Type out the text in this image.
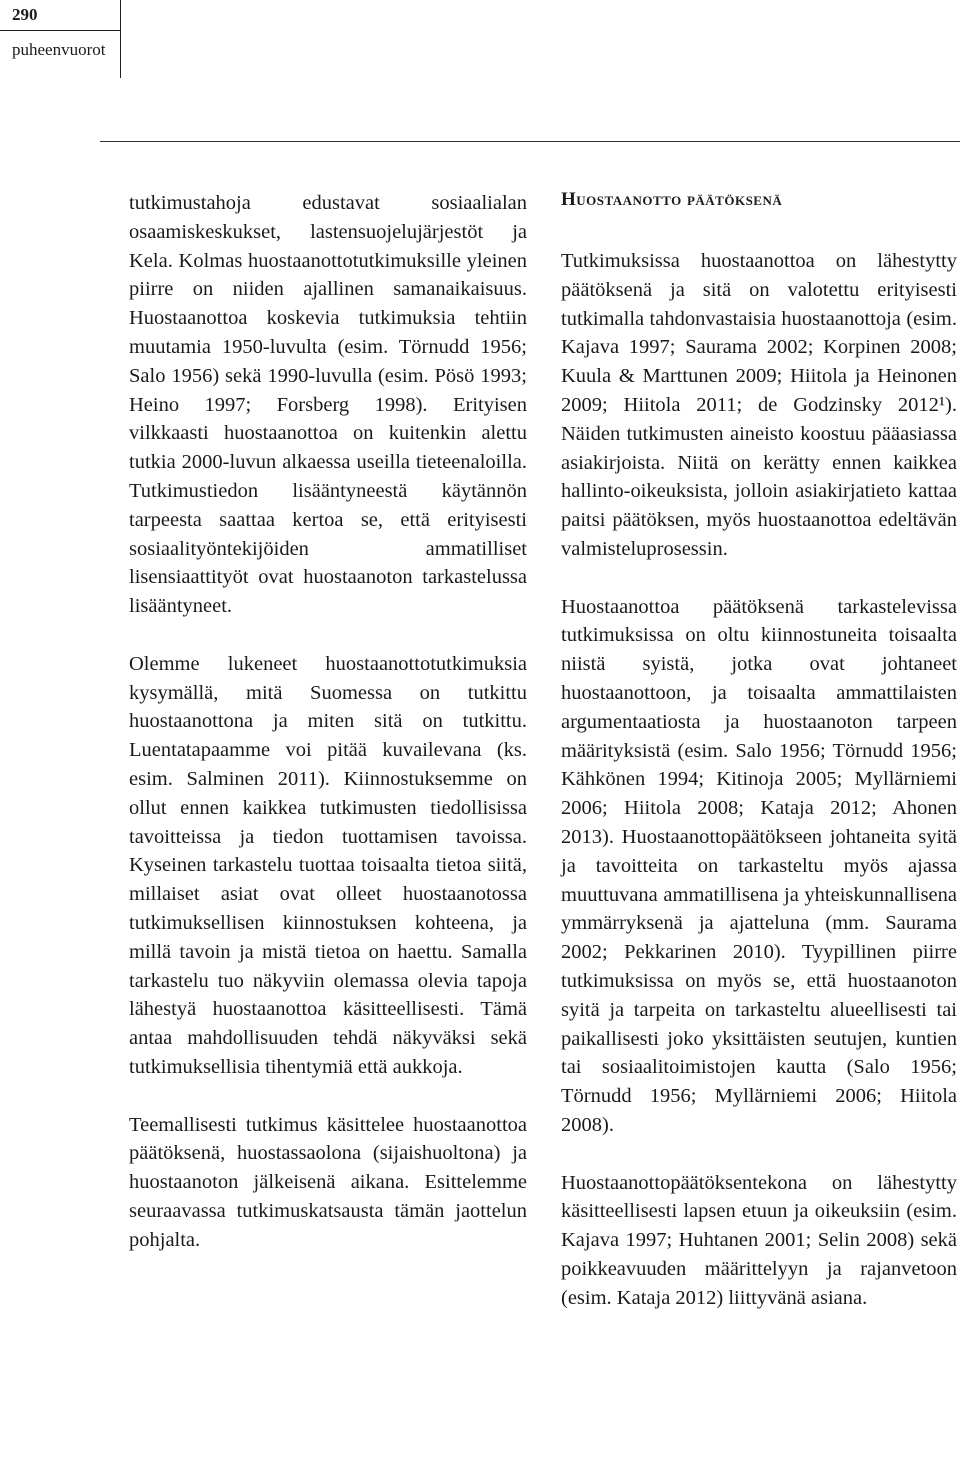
290
puheenvuorot

tutkimustahoja edustavat sosiaalialan osaamiskeskukset, lastensuojelujärjestöt ja Kela. Kolmas huostaanottotutkimuksille yleinen piirre on niiden ajallinen samanaikaisuus. Huostaanottoa koskevia tutkimuksia tehtiin muutamia 1950-luvulta (esim. Törnudd 1956; Salo 1956) sekä 1990-luvulla (esim. Pösö 1993; Heino 1997; Forsberg 1998). Erityisen vilkkaasti huostaanottoa on kuitenkin alettu tutkia 2000-luvun alkaessa useilla tieteenaloilla. Tutkimustiedon lisääntyneestä käytännön tarpeesta saattaa kertoa se, että erityisesti sosiaalityöntekijöiden ammatilliset lisensiaattityöt ovat huostaanoton tarkastelussa lisääntyneet.

Olemme lukeneet huostaanottotutkimuksia kysymällä, mitä Suomessa on tutkittu huostaanottona ja miten sitä on tutkittu. Luentatapaamme voi pitää kuvailevana (ks. esim. Salminen 2011). Kiinnostuksemme on ollut ennen kaikkea tutkimusten tiedollisissa tavoitteissa ja tiedon tuottamisen tavoissa. Kyseinen tarkastelu tuottaa toisaalta tietoa siitä, millaiset asiat ovat olleet huostaanotossa tutkimuksellisen kiinnostuksen kohteena, ja millä tavoin ja mistä tietoa on haettu. Samalla tarkastelu tuo näkyviin olemassa olevia tapoja lähestyä huostaanottoa käsitteellisesti. Tämä antaa mahdollisuuden tehdä näkyväksi sekä tutkimuksellisia tihentymiä että aukkoja.

Teemallisesti tutkimus käsittelee huostaanottoa päätöksenä, huostassaolona (sijaishuoltona) ja huostaanoton jälkeisenä aikana. Esittelemme seuraavassa tutkimuskatsausta tämän jaottelun pohjalta.

Huostaanotto päätöksenä

Tutkimuksissa huostaanottoa on lähestytty päätöksenä ja sitä on valotettu erityisesti tutkimalla tahdonvastaisia huostaanottoja (esim. Kajava 1997; Saurama 2002; Korpinen 2008; Kuula & Marttunen 2009; Hiitola ja Heinonen 2009; Hiitola 2011; de Godzinsky 2012¹). Näiden tutkimusten aineisto koostuu pääasiassa asiakirjoista. Niitä on kerätty ennen kaikkea hallinto-oikeuksista, jolloin asiakirjatieto kattaa paitsi päätöksen, myös huostaanottoa edeltävän valmisteluprosessin.

Huostaanottoa päätöksenä tarkastelevissa tutkimuksissa on oltu kiinnostuneita toisaalta niistä syistä, jotka ovat johtaneet huostaanottoon, ja toisaalta ammattilaisten argumentaatiosta ja huostaanoton tarpeen määrityksistä (esim. Salo 1956; Törnudd 1956; Kähkönen 1994; Kitinoja 2005; Myllärniemi 2006; Hiitola 2008; Kataja 2012; Ahonen 2013). Huostaanottopäätökseen johtaneita syitä ja tavoitteita on tarkasteltu myös ajassa muuttuvana ammatillisena ja yhteiskunnallisena ymmärryksenä ja ajatteluna (mm. Saurama 2002; Pekkarinen 2010). Tyypillinen piirre tutkimuksissa on myös se, että huostaanoton syitä ja tarpeita on tarkasteltu alueellisesti tai paikallisesti joko yksittäisten seutujen, kuntien tai sosiaalitoimistojen kautta (Salo 1956; Törnudd 1956; Myllärniemi 2006; Hiitola 2008).

Huostaanottopäätöksentekona on lähestytty käsitteellisesti lapsen etuun ja oikeuksiin (esim. Kajava 1997; Huhtanen 2001; Selin 2008) sekä poikkeavuuden määrittelyyn ja rajanvetoon (esim. Kataja 2012) liittyvänä asiana.
